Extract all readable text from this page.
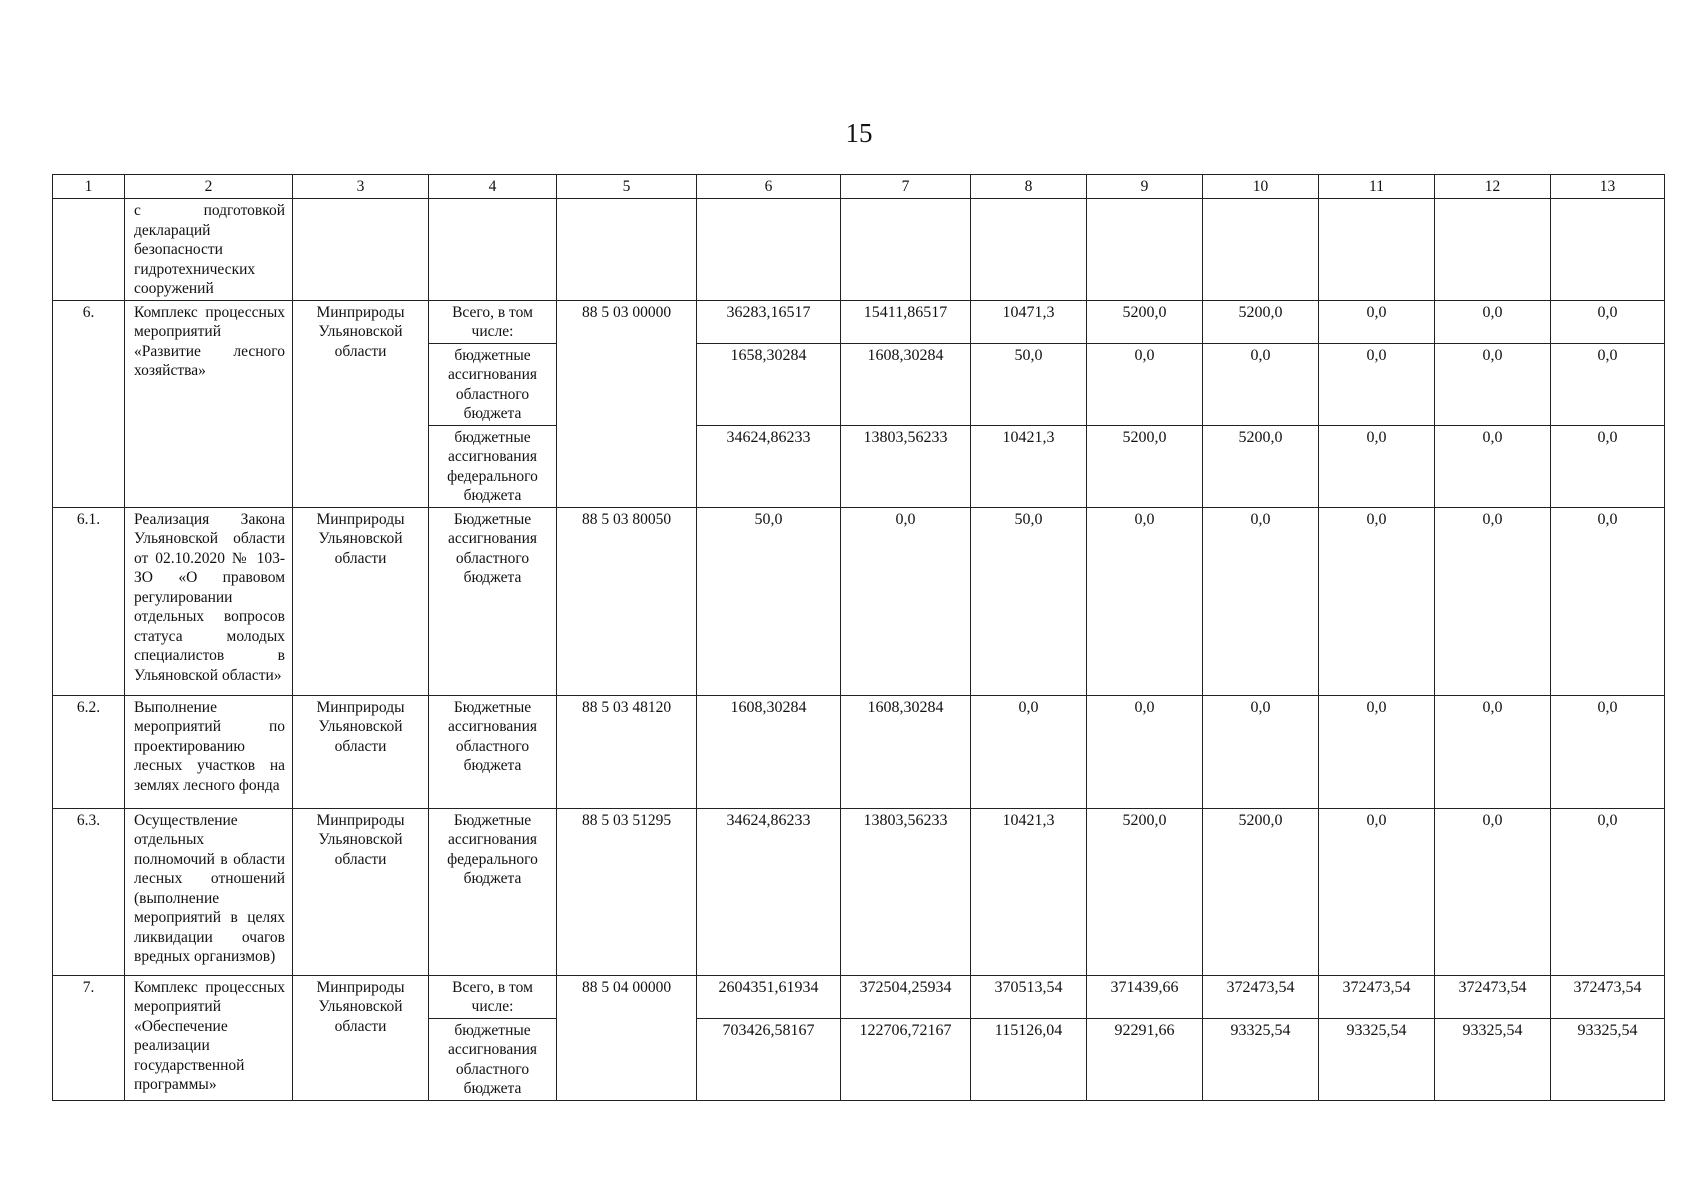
15
1	2	3	4	5	6	7	8	9	10	11	12	13
	с подготовкой деклараций безопасности гидротехнических сооружений											
6.	Комплекс процессных мероприятий «Развитие лесного хозяйства»	Минприроды Ульяновской области	Всего, в том числе:	88 5 03 00000	36283,16517	15411,86517	10471,3	5200,0	5200,0	0,0	0,0	0,0
			бюджетные ассигнования областного бюджета		1658,30284	1608,30284	50,0	0,0	0,0	0,0	0,0	0,0
			бюджетные ассигнования федерального бюджета		34624,86233	13803,56233	10421,3	5200,0	5200,0	0,0	0,0	0,0
6.1.	Реализация Закона Ульяновской области от 02.10.2020 № 103-ЗО «О правовом регулировании отдельных вопросов статуса молодых специалистов в Ульяновской области»	Минприроды Ульяновской области	Бюджетные ассигнования областного бюджета	88 5 03 80050	50,0	0,0	50,0	0,0	0,0	0,0	0,0	0,0
6.2.	Выполнение мероприятий по проектированию лесных участков на землях лесного фонда	Минприроды Ульяновской области	Бюджетные ассигнования областного бюджета	88 5 03 48120	1608,30284	1608,30284	0,0	0,0	0,0	0,0	0,0	0,0
6.3.	Осуществление отдельных полномочий в области лесных отношений (выполнение мероприятий в целях ликвидации очагов вредных организмов)	Минприроды Ульяновской области	Бюджетные ассигнования федерального бюджета	88 5 03 51295	34624,86233	13803,56233	10421,3	5200,0	5200,0	0,0	0,0	0,0
7.	Комплекс процессных мероприятий «Обеспечение реализации государственной программы»	Минприроды Ульяновской области	Всего, в том числе:	88 5 04 00000	2604351,61934	372504,25934	370513,54	371439,66	372473,54	372473,54	372473,54	372473,54
			бюджетные ассигнования областного бюджета		703426,58167	122706,72167	115126,04	92291,66	93325,54	93325,54	93325,54	93325,54
